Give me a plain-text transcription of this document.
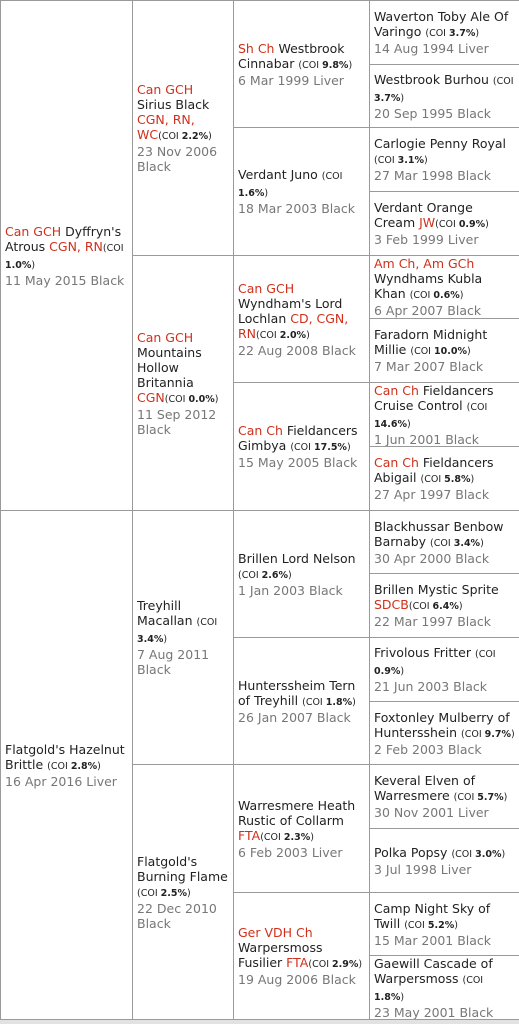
Can GCH Dyffryn's Atrous CGN, RN(COI 1.0%)
11 May 2015 Black
Flatgold's Hazelnut Brittle (COI 2.8%)
16 Apr 2016 Liver
Can GCH Sirius Black CGN, RN, WC(COI 2.2%)
23 Nov 2006 Black
Can GCH Mountains Hollow Britannia CGN(COI 0.0%)
11 Sep 2012 Black
Treyhill Macallan (COI 3.4%)
7 Aug 2011 Black
Flatgold's Burning Flame (COI 2.5%)
22 Dec 2010 Black
Sh Ch Westbrook Cinnabar (COI 9.8%)
6 Mar 1999 Liver
Verdant Juno (COI 1.6%)
18 Mar 2003 Black
Can GCH Wyndham's Lord Lochlan CD, CGN, RN(COI 2.0%)
22 Aug 2008 Black
Can Ch Fieldancers Gimbya (COI 17.5%)
15 May 2005 Black
Brillen Lord Nelson (COI 2.6%)
1 Jan 2003 Black
Hunterssheim Tern of Treyhill (COI 1.8%)
26 Jan 2007 Black
Warresmere Heath Rustic of Collarm FTA(COI 2.3%)
6 Feb 2003 Liver
Ger VDH Ch Warpersmoss Fusilier FTA(COI 2.9%)
19 Aug 2006 Black
Waverton Toby Ale Of Varingo (COI 3.7%)
14 Aug 1994 Liver
Westbrook Burhou (COI 3.7%)
20 Sep 1995 Black
Carlogie Penny Royal (COI 3.1%)
27 Mar 1998 Black
Verdant Orange Cream JW(COI 0.9%)
3 Feb 1999 Liver
Am Ch, Am GCh Wyndhams Kubla Khan (COI 0.6%)
6 Apr 2007 Black
Faradorn Midnight Millie (COI 10.0%)
7 Mar 2007 Black
Can Ch Fieldancers Cruise Control (COI 14.6%)
1 Jun 2001 Black
Can Ch Fieldancers Abigail (COI 5.8%)
27 Apr 1997 Black
Blackhussar Benbow Barnaby (COI 3.4%)
30 Apr 2000 Black
Brillen Mystic Sprite SDCB(COI 6.4%)
22 Mar 1997 Black
Frivolous Fritter (COI 0.9%)
21 Jun 2003 Black
Foxtonley Mulberry of Huntersshein (COI 9.7%)
2 Feb 2003 Black
Keveral Elven of Warresmere (COI 5.7%)
30 Nov 2001 Liver
Polka Popsy (COI 3.0%)
3 Jul 1998 Liver
Camp Night Sky of Twill (COI 5.2%)
15 Mar 2001 Black
Gaewill Cascade of Warpersmoss (COI 1.8%)
23 May 2001 Black
